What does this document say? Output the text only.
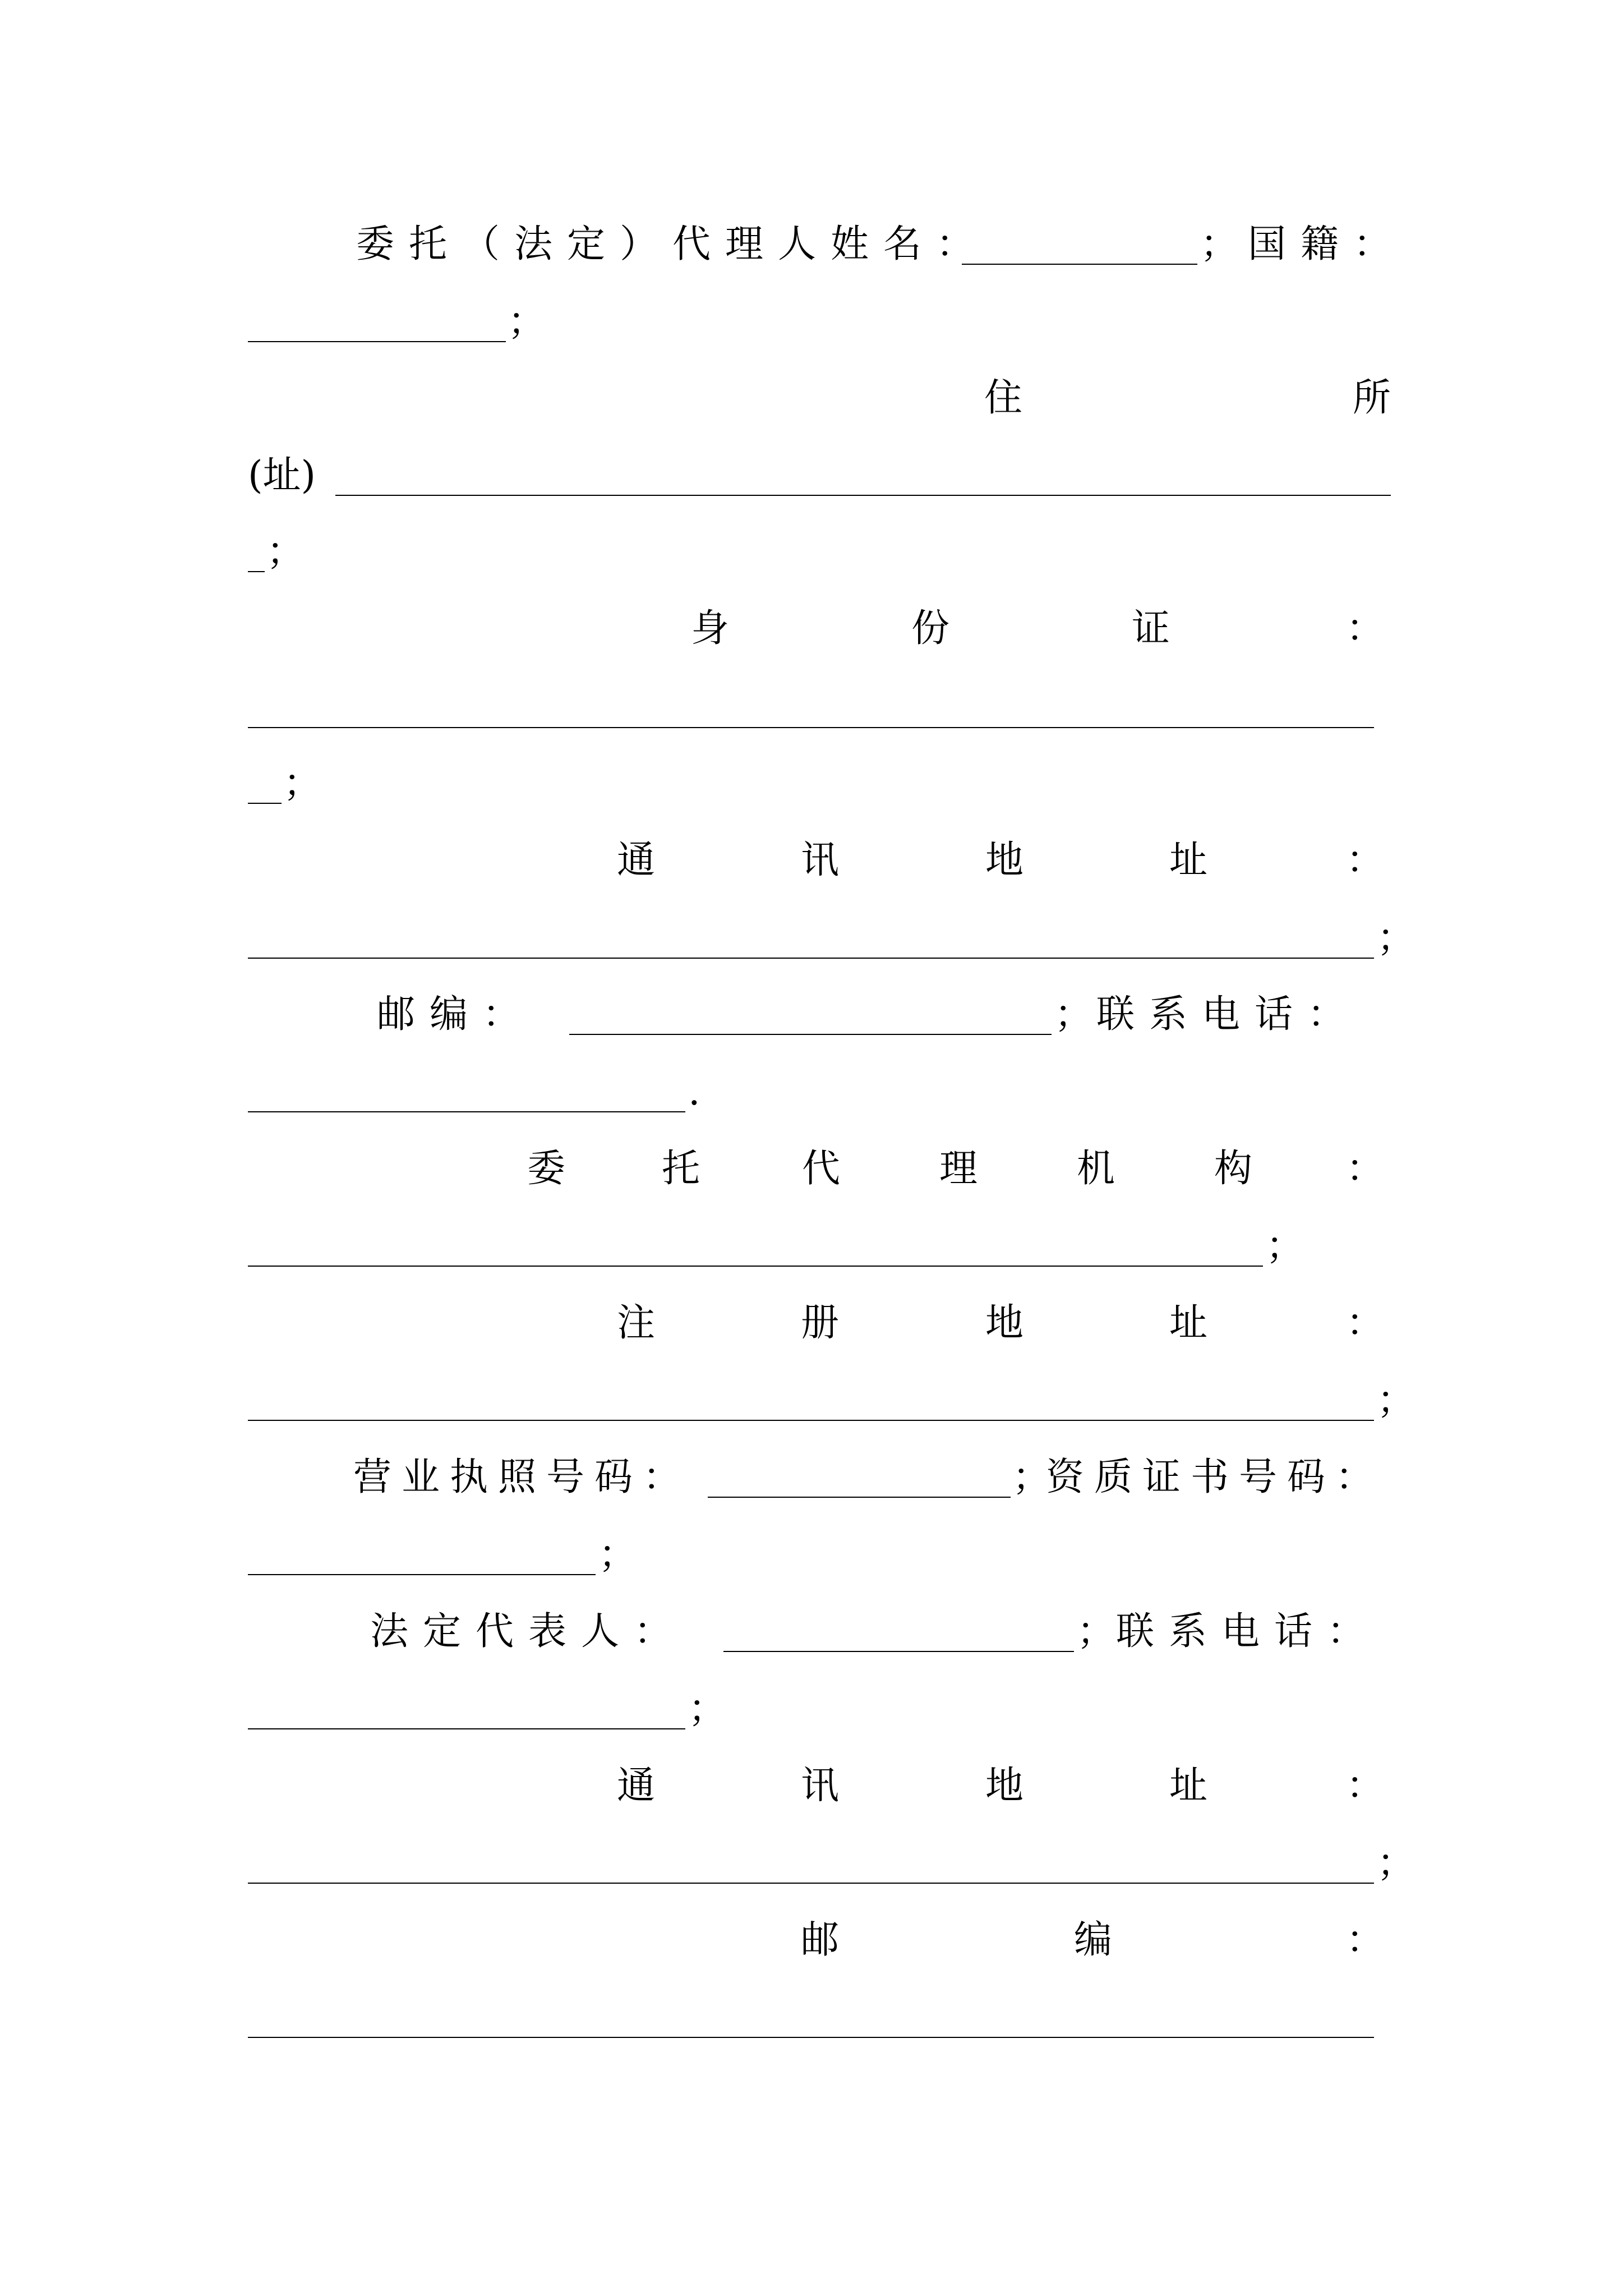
委托（法定）代理人姓名：	； 国籍：
；
住	所
(址)
；
身	份	证	：
；
通	讯	地	址	：
；
邮编：	； 联系电话：
.
委	托	代	理	机	构 ：
；
注	册	地	址	：
；
营业执照号码：	；
资质证书号码：
；
法定代表人：	； 联系电话：
；
通	讯	地	址	：
；
邮	编	：
